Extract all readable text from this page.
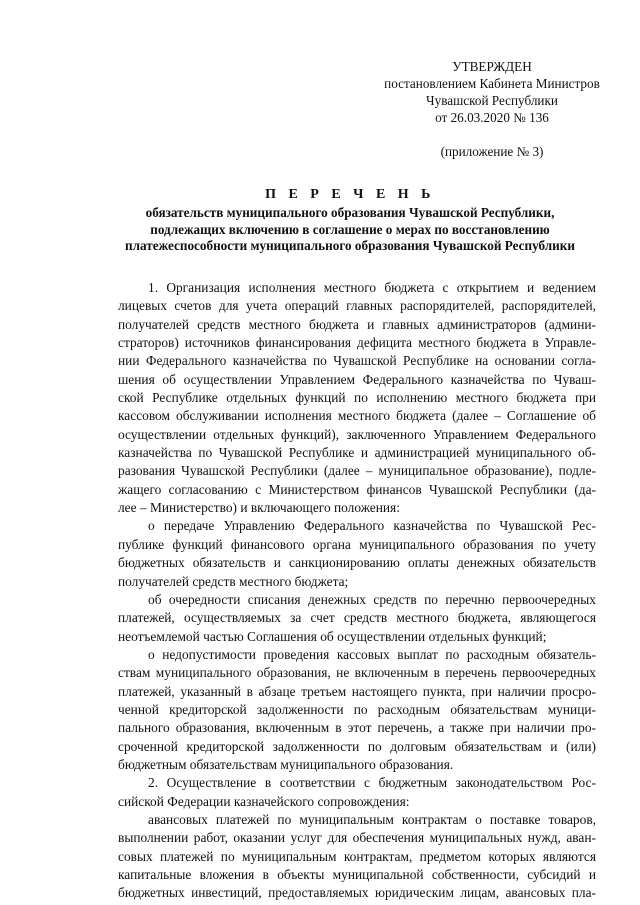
УТВЕРЖДЕН
постановлением Кабинета Министров
Чувашской Республики
от 26.03.2020 № 136
(приложение № 3)
П Е Р Е Ч Е Н Ь
обязательств муниципального образования Чувашской Республики,
подлежащих включению в соглашение о мерах по восстановлению
платежеспособности муниципального образования Чувашской Республики
1. Организация исполнения местного бюджета с открытием и ведением
лицевых счетов для учета операций главных распорядителей, распорядителей,
получателей средств местного бюджета и главных администраторов (админи-
страторов) источников финансирования дефицита местного бюджета в Управле-
нии Федерального казначейства по Чувашской Республике на основании согла-
шения об осуществлении Управлением Федерального казначейства по Чуваш-
ской Республике отдельных функций по исполнению местного бюджета при
кассовом обслуживании исполнения местного бюджета (далее – Соглашение об
осуществлении отдельных функций), заключенного Управлением Федерального
казначейства по Чувашской Республике и администрацией муниципального об-
разования Чувашской Республики (далее – муниципальное образование), подле-
жащего согласованию с Министерством финансов Чувашской Республики (да-
лее – Министерство) и включающего положения:
о передаче Управлению Федерального казначейства по Чувашской Рес-
публике функций финансового органа муниципального образования по учету
бюджетных обязательств и санкционированию оплаты денежных обязательств
получателей средств местного бюджета;
об очередности списания денежных средств по перечню первоочередных
платежей, осуществляемых за счет средств местного бюджета, являющегося
неотъемлемой частью Соглашения об осуществлении отдельных функций;
о недопустимости проведения кассовых выплат по расходным обязатель-
ствам муниципального образования, не включенным в перечень первоочередных
платежей, указанный в абзаце третьем настоящего пункта, при наличии просро-
ченной кредиторской задолженности по расходным обязательствам муници-
пального образования, включенным в этот перечень, а также при наличии про-
сроченной кредиторской задолженности по долговым обязательствам и (или)
бюджетным обязательствам муниципального образования.
2. Осуществление в соответствии с бюджетным законодательством Рос-
сийской Федерации казначейского сопровождения:
авансовых платежей по муниципальным контрактам о поставке товаров,
выполнении работ, оказании услуг для обеспечения муниципальных нужд, аван-
совых платежей по муниципальным контрактам, предметом которых являются
капитальные вложения в объекты муниципальной собственности, субсидий и
бюджетных инвестиций, предоставляемых юридическим лицам, авансовых пла-
